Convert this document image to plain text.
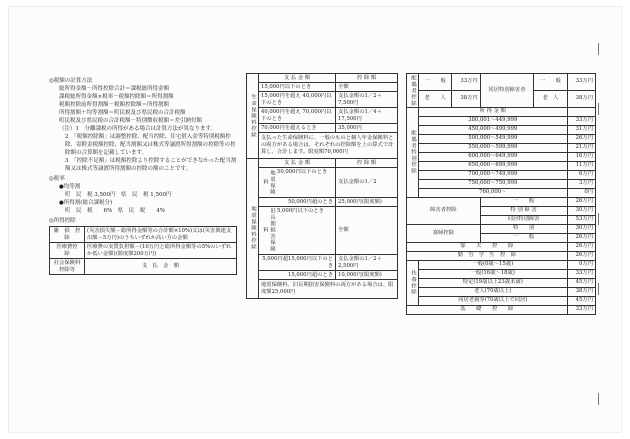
◎税額の計算方法
総所得金額－所得控除合計＝課税総所得金額
課税総所得金額×税率－税額控除額＝所得割額
税額控除前所得割額－税額控除額＝所得割額
所得割額＋均等割額＝町民税及び県民税の合計税額
町民税及び県民税の合計税額－特別徴収税額＝差引納付額
（注）1　分離課税の所得がある場合は計算方法が異なります。
2　「税額控除額」は調整控除、配当控除、住宅借入金等特別税額控除、寄附金税額控除、配当割額又は株式等譲渡所得割額の控除等の控除額の合算額を記載しています。
3　「控除不足額」は税額控除より控除することができなかった配当割額又は株式等譲渡所得割額の控除の額のことです。
◎税率
●均等割
町　民　税 3,500円　県　民　税 1,500円
●所得割(総合課税分)
町　民　税　　6%　県　民　税　　4%
◎所得控除
雑　損　控　除	(災害損失額－総所得金額等の合計額×10%)又は(災害関連支出額－5万円)のうちいずれか高い方の金額
医療費控　除	医療費の実質負担額－(10万円と総所得金額等の5%のいずれか低い金額)(限度額200万円)
社会保険料控除等	支　払　金　額
生命保険料控除	支 払 金 額	控 除 額
	15,000円以下のとき	全額
	15,000円を超え 40,000円以下のとき	支払金額の1／2＋7,500円
	40,000円を超え 70,000円以下のとき	支払金額の1／4＋17,500円
	70,000円を超えるとき	35,000円
	支払った生命保険料に、一般のものと個人年金保険料との両方がある場合は、それぞれの控除額を上の算式で計算し、合計します。限度額70,000円	
地震保険料控除	支 払 金 額	控 除 額

	地震保険料
50,000円以下のとき	支払金額の1／2
	50,000円超のとき	25,000円(限度額)

	旧長期損害保険料
5,000円以下のとき	全額
	5,000円超15,000円以下のとき	支払金額の1／2＋2,500円
	15,000円超のとき	10,000円(限度額)
	地震保険料、旧長期損害保険料の両方がある場合は、限度額25,000円	
配偶者控除	一　　般	33万円	同居特別障害者	一　　般	33万円
	老　　人	38万円		老　人	38万円
配偶者特別控除	所 得 金 額				
	380,001～449,999				33万円
	450,000～499,999				31万円
	500,000～549,999				26万円
	550,000～599,999				21万円
	600,000～649,999				16万円
	650,000～699,999				11万円
	700,000～749,999				6万円
	750,000～759,999				3万円
	760,000～				0円
障害者控除			一　　般		26万円
			特 別 障 害		30万円
			同居特別障害		53万円
寡婦控除			特　　別		30万円
			一　　般		26万円
寡　　夫　　控　　除					26万円
勤　労　学　生　控　除					26万円
扶養控除	一般(0歳～15歳)				0万円
	一般(16歳～18歳)				33万円
	特定(19歳以上23歳未満)				45万円
	老人(70歳以上)				38万円
	同居老親等(70歳以上で同居)				45万円
基　　礎　　控　　除					33万円
